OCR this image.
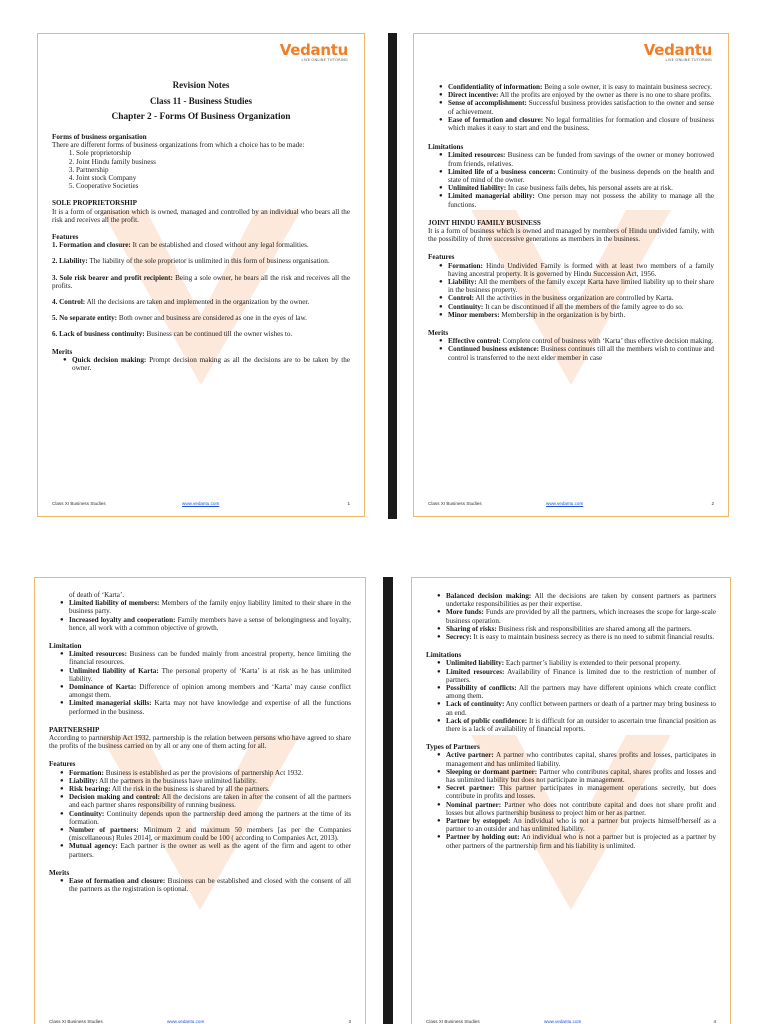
Vedantu
LIVE ONLINE TUTORING
Revision Notes
Class 11 - Business Studies
Chapter 2 - Forms Of Business Organization
Forms of business organisation
There are different forms of business organizations from which a choice has to be made:
1. Sole proprietorship
2. Joint Hindu family business
3. Partnership
4. Joint stock Company
5. Cooperative Societies
SOLE PROPRIETORSHIP
It is a form of organisation which is owned, managed and controlled by an individual who bears all the risk and receives all the profit.
Features
1. Formation and closure: It can be established and closed without any legal formalities.
2. Liability: The liability of the sole proprietor is unlimited in this form of business organisation.
3. Sole risk bearer and profit recipient: Being a sole owner, he bears all the risk and receives all the profits.
4. Control: All the decisions are taken and implemented in the organization by the owner.
5. No separate entity: Both owner and business are considered as one in the eyes of law.
6. Lack of business continuity: Business can be continued till the owner wishes to.
Merits
● Quick decision making: Prompt decision making as all the decisions are to be taken by the owner.
Class XI Business Studies	www.vedantu.com	1
Vedantu
LIVE ONLINE TUTORING
● Confidentiality of information: Being a sole owner, it is easy to maintain business secrecy.
● Direct incentive: All the profits are enjoyed by the owner as there is no one to share profits.
● Sense of accomplishment: Successful business provides satisfaction to the owner and sense of achievement.
● Ease of formation and closure: No legal formalities for formation and closure of business which makes it easy to start and end the business.
Limitations
● Limited resources: Business can be funded from savings of the owner or money borrowed from friends, relatives.
● Limited life of a business concern: Continuity of the business depends on the health and state of mind of the owner.
● Unlimited liability: In case business fails debts, his personal assets are at risk.
● Limited managerial ability: One person may not possess the ability to manage all the functions.
JOINT HINDU FAMILY BUSINESS
It is a form of business which is owned and managed by members of Hindu undivided family, with the possibility of three successive generations as members in the business.
Features
● Formation: Hindu Undivided Family is formed with at least two members of a family having ancestral property. It is governed by Hindu Succession Act, 1956.
● Liability: All the members of the family except Karta have limited liability up to their share in the business property.
● Control: All the activities in the business organization are controlled by Karta.
● Continuity: It can be discontinued if all the members of the family agree to do so.
● Minor members: Membership in the organization is by birth.
Merits
● Effective control: Complete control of business with ‘Karta’ thus effective decision making.
● Continued business existence: Business continues till all the members wish to continue and control is transferred to the next elder member in case
Class XI Business Studies	www.vedantu.com	2
of death of ‘Karta’.
● Limited liability of members: Members of the family enjoy liability limited to their share in the business party.
● Increased loyalty and cooperation: Family members have a sense of belongingness and loyalty, hence, all work with a common objective of growth.
Limitation
● Limited resources: Business can be funded mainly from ancestral property, hence limiting the financial resources.
● Unlimited liability of Karta: The personal property of ‘Karta’ is at risk as he has unlimited liability.
● Dominance of Karta: Difference of opinion among members and ‘Karta’ may cause conflict amongst them.
● Limited managerial skills: Karta may not have knowledge and expertise of all the functions performed in the business.
PARTNERSHIP
According to partnership Act 1932, partnership is the relation between persons who have agreed to share the profits of the business carried on by all or any one of them acting for all.
Features
● Formation: Business is established as per the provisions of partnership Act 1932.
● Liability: All the partners in the business have unlimited liability.
● Risk bearing: All the risk in the business is shared by all the partners.
● Decision making and control: All the decisions are taken in after the consent of all the partners and each partner shares responsibility of running business.
● Continuity: Continuity depends upon the partnership deed among the partners at the time of its formation.
● Number of partners: Minimum 2 and maximum 50 members [as per the Companies (miscellaneous) Rules 2014], or maximum could be 100 ( according to Companies Act, 2013).
● Mutual agency: Each partner is the owner as well as the agent of the firm and agent to other partners.
Merits
● Ease of formation and closure: Business can be established and closed with the consent of all the partners as the registration is optional.
Class XI Business Studies	www.vedantu.com	3
● Balanced decision making: All the decisions are taken by consent partners as partners undertake responsibilities as per their expertise.
● More funds: Funds are provided by all the partners, which increases the scope for large-scale business operation.
● Sharing of risks: Business risk and responsibilities are shared among all the partners.
● Secrecy: It is easy to maintain business secrecy as there is no need to submit financial results.
Limitations
● Unlimited liability: Each partner’s liability is extended to their personal property.
● Limited resources: Availability of Finance is limited due to the restriction of number of partners.
● Possibility of conflicts: All the partners may have different opinions which create conflict among them.
● Lack of continuity: Any conflict between partners or death of a partner may bring business to an end.
● Lack of public confidence: It is difficult for an outsider to ascertain true financial position as there is a lack of availability of financial reports.
Types of Partners
● Active partner: A partner who contributes capital, shares profits and losses, participates in management and has unlimited liability.
● Sleeping or dormant partner: Partner who contributes capital, shares profits and losses and has unlimited liability but does not participate in management.
● Secret partner: This partner participates in management operations secretly, but does contribute in profits and losses.
● Nominal partner: Partner who does not contribute capital and does not share profit and losses but allows partnership business to project him or her as partner.
● Partner by estoppel: An individual who is not a partner but projects himself/herself as a partner to an outsider and has unlimited liability.
● Partner by holding out: An individual who is not a partner but is projected as a partner by other partners of the partnership firm and his liability is unlimited.
Class XI Business Studies	www.vedantu.com	4
